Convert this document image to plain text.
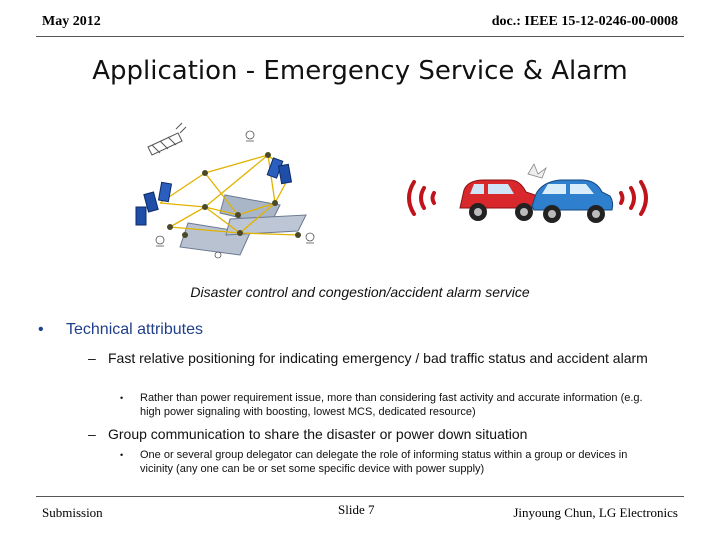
May 2012	doc.: IEEE 15-12-0246-00-0008
Application - Emergency Service & Alarm
Disaster control and congestion/accident alarm service
• Technical attributes
– Fast relative positioning for indicating emergency / bad traffic status and accident alarm
• Rather than power requirement issue, more than considering fast activity and accurate information (e.g. high power signaling with boosting, lowest MCS, dedicated resource)
– Group communication to share the disaster or power down situation
• One or several group delegator can delegate the role of informing status within a group or devices in vicinity (any one can be or set some specific device with power supply)
Submission	Slide 7	Jinyoung Chun, LG Electronics
